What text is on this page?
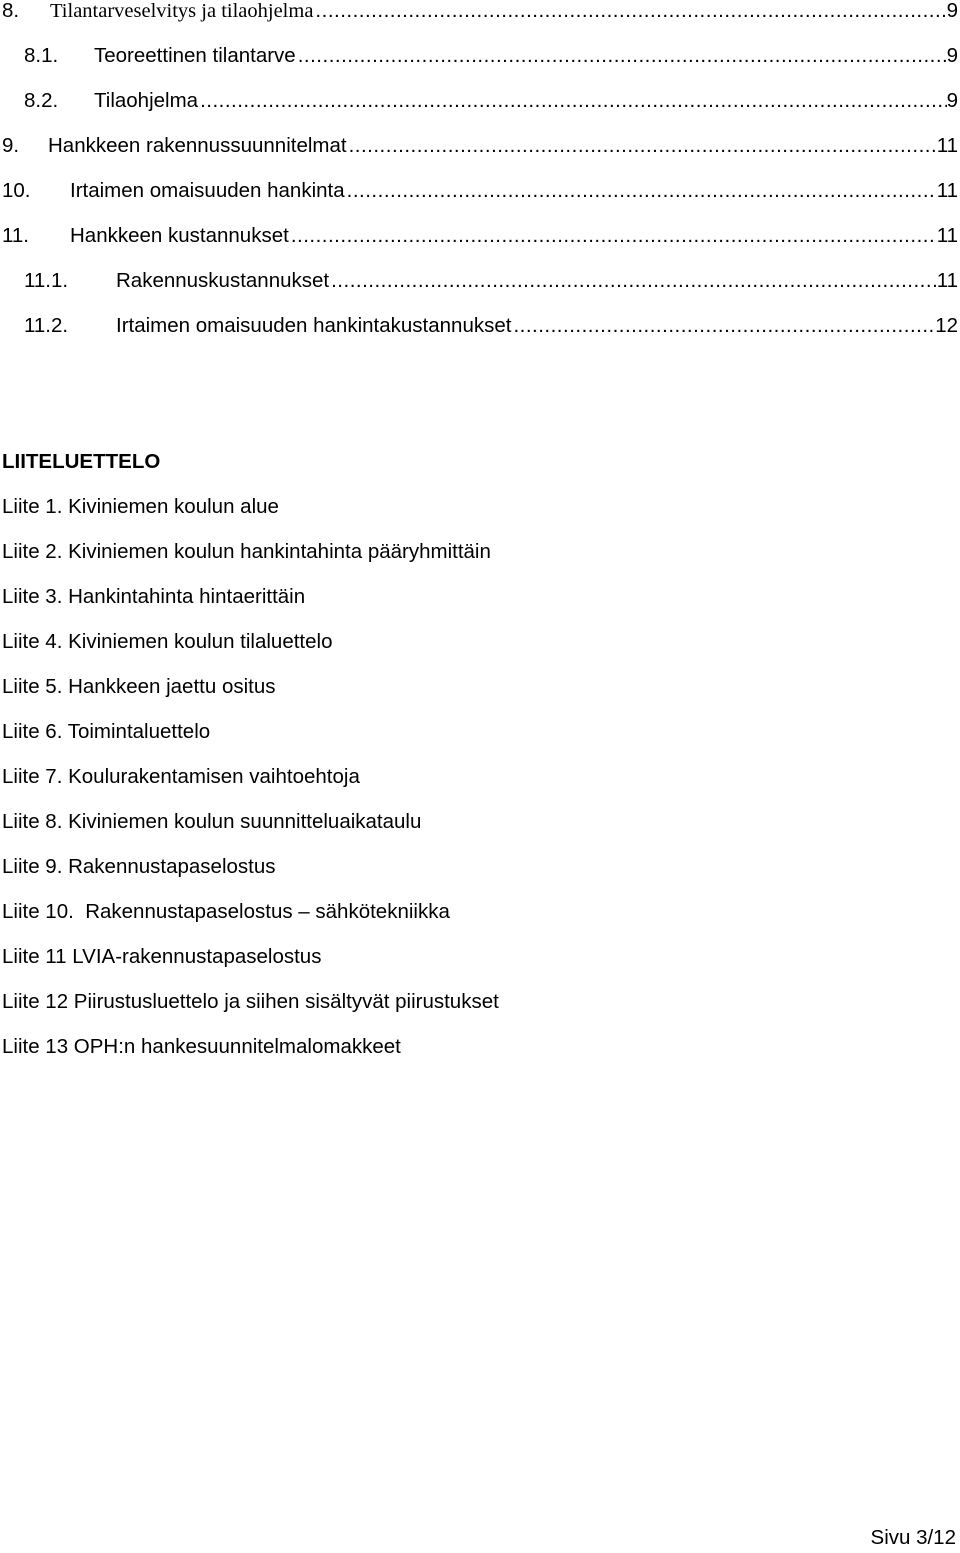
8.	Tilantarveselvitys ja tilaohjelma .....	9
8.1.	Teoreettinen tilantarve .....	9
8.2.	Tilaohjelma .....	9
9.	Hankkeen rakennussuunnitelmat .....	11
10.	Irtaimen omaisuuden hankinta .....	11
11.	Hankkeen kustannukset .....	11
11.1.	Rakennuskustannukset .....	11
11.2.	Irtaimen omaisuuden hankintakustannukset .....	12
LIITELUETTELO
Liite 1. Kiviniemen koulun alue
Liite 2. Kiviniemen koulun hankintahinta pääryhmittäin
Liite 3. Hankintahinta hintaerittäin
Liite 4. Kiviniemen koulun tilaluettelo
Liite 5. Hankkeen jaettu ositus
Liite 6. Toimintaluettelo
Liite 7. Koulurakentamisen vaihtoehtoja
Liite 8. Kiviniemen koulun suunnitteluaikataulu
Liite 9. Rakennustapaselostus
Liite 10.  Rakennustapaselostus – sähkötekniikka
Liite 11 LVIA-rakennustapaselostus
Liite 12 Piirustusluettelo ja siihen sisältyvät piirustukset
Liite 13 OPH:n hankesuunnitelmalomakkeet
Sivu 3/12
